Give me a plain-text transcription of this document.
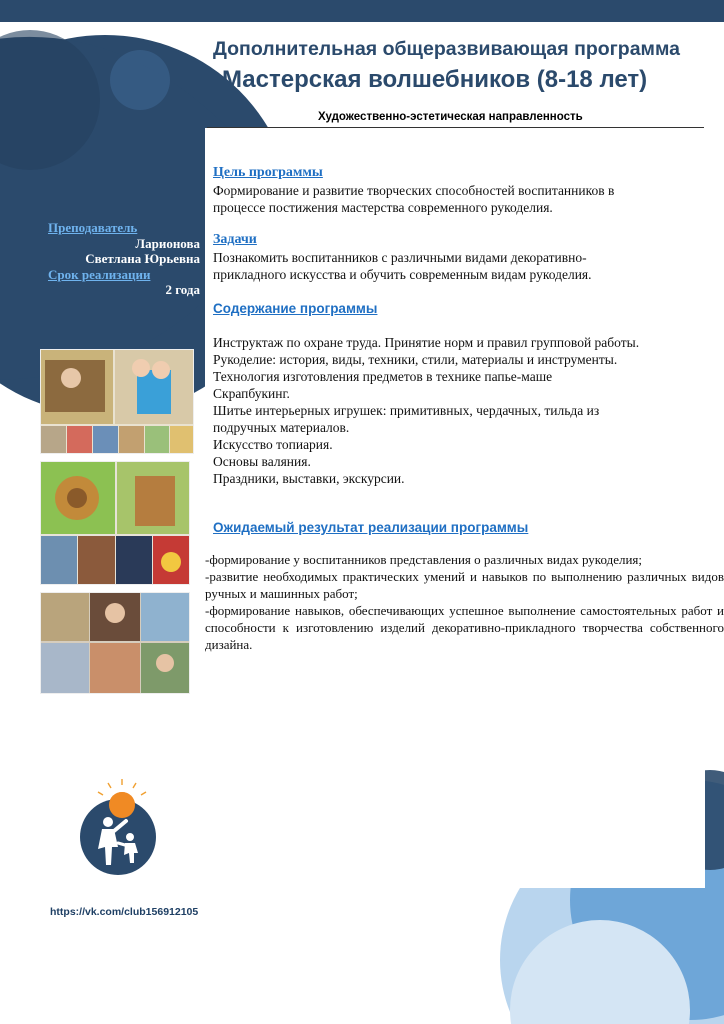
Дополнительная общеразвивающая программа
Мастерская волшебников (8-18 лет)
Художественно-эстетическая направленность
Преподаватель
Ларионова
Светлана Юрьевна
Срок реализации
2 года
Цель программы

Формирование и развитие творческих способностей воспитанников в процессе постижения мастерства современного рукоделия.

Задачи

Познакомить воспитанников с различными видами декоративно-прикладного искусства и обучить современным видам рукоделия.

Содержание программы
Инструктаж по охране труда. Принятие норм и правил групповой работы.
Рукоделие: история, виды, техники, стили, материалы и инструменты.
Технология изготовления предметов в технике папье-маше
Скрапбукинг.
Шитье интерьерных игрушек: примитивных, чердачных, тильда из подручных материалов.
Искусство топиария.
Основы валяния.
Праздники, выставки, экскурсии.
Ожидаемый результат реализации программы

-формирование у воспитанников представления о различных видах рукоделия;

-развитие необходимых практических умений и навыков по выполнению различных видов ручных и машинных работ;

-формирование навыков, обеспечивающих успешное выполнение самостоятельных работ и способности к изготовлению изделий декоративно-прикладного творчества собственного дизайна.

https://vk.com/club156912105
